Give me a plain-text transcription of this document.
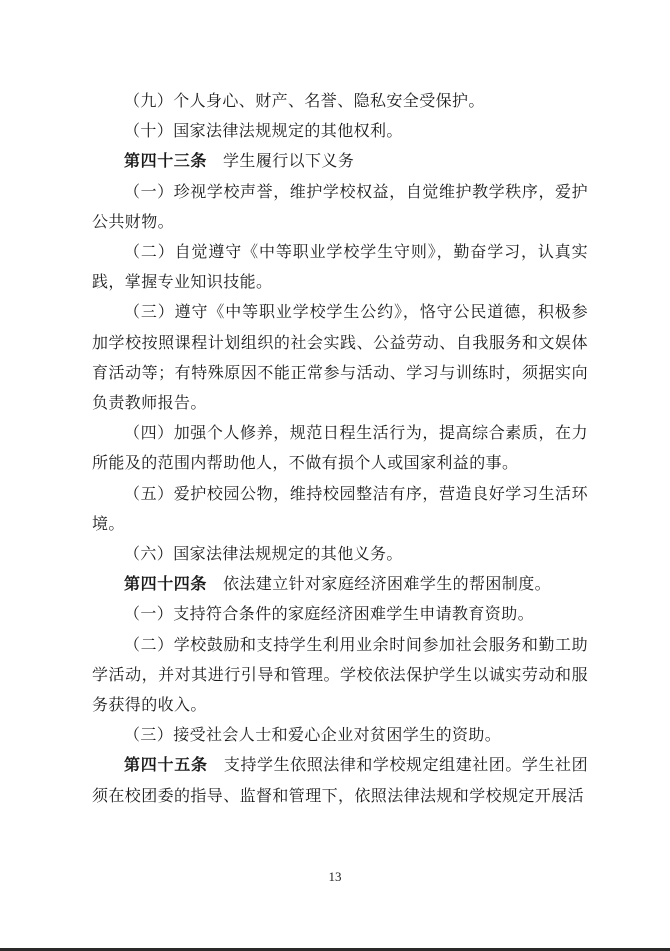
（九）个人身心、财产、名誉、隐私安全受保护。

（十）国家法律法规规定的其他权利。

第四十三条 学生履行以下义务

（一）珍视学校声誉，维护学校权益，自觉维护教学秩序，爱护公共财物。

（二）自觉遵守《中等职业学校学生守则》，勤奋学习，认真实践，掌握专业知识技能。

（三）遵守《中等职业学校学生公约》，恪守公民道德，积极参加学校按照课程计划组织的社会实践、公益劳动、自我服务和文娱体育活动等；有特殊原因不能正常参与活动、学习与训练时，须据实向负责教师报告。

（四）加强个人修养，规范日程生活行为，提高综合素质，在力所能及的范围内帮助他人，不做有损个人或国家利益的事。

（五）爱护校园公物，维持校园整洁有序，营造良好学习生活环境。

（六）国家法律法规规定的其他义务。

第四十四条 依法建立针对家庭经济困难学生的帮困制度。

（一）支持符合条件的家庭经济困难学生申请教育资助。

（二）学校鼓励和支持学生利用业余时间参加社会服务和勤工助学活动，并对其进行引导和管理。学校依法保护学生以诚实劳动和服务获得的收入。

（三）接受社会人士和爱心企业对贫困学生的资助。

第四十五条 支持学生依照法律和学校规定组建社团。学生社团须在校团委的指导、监督和管理下，依照法律法规和学校规定开展活

13
